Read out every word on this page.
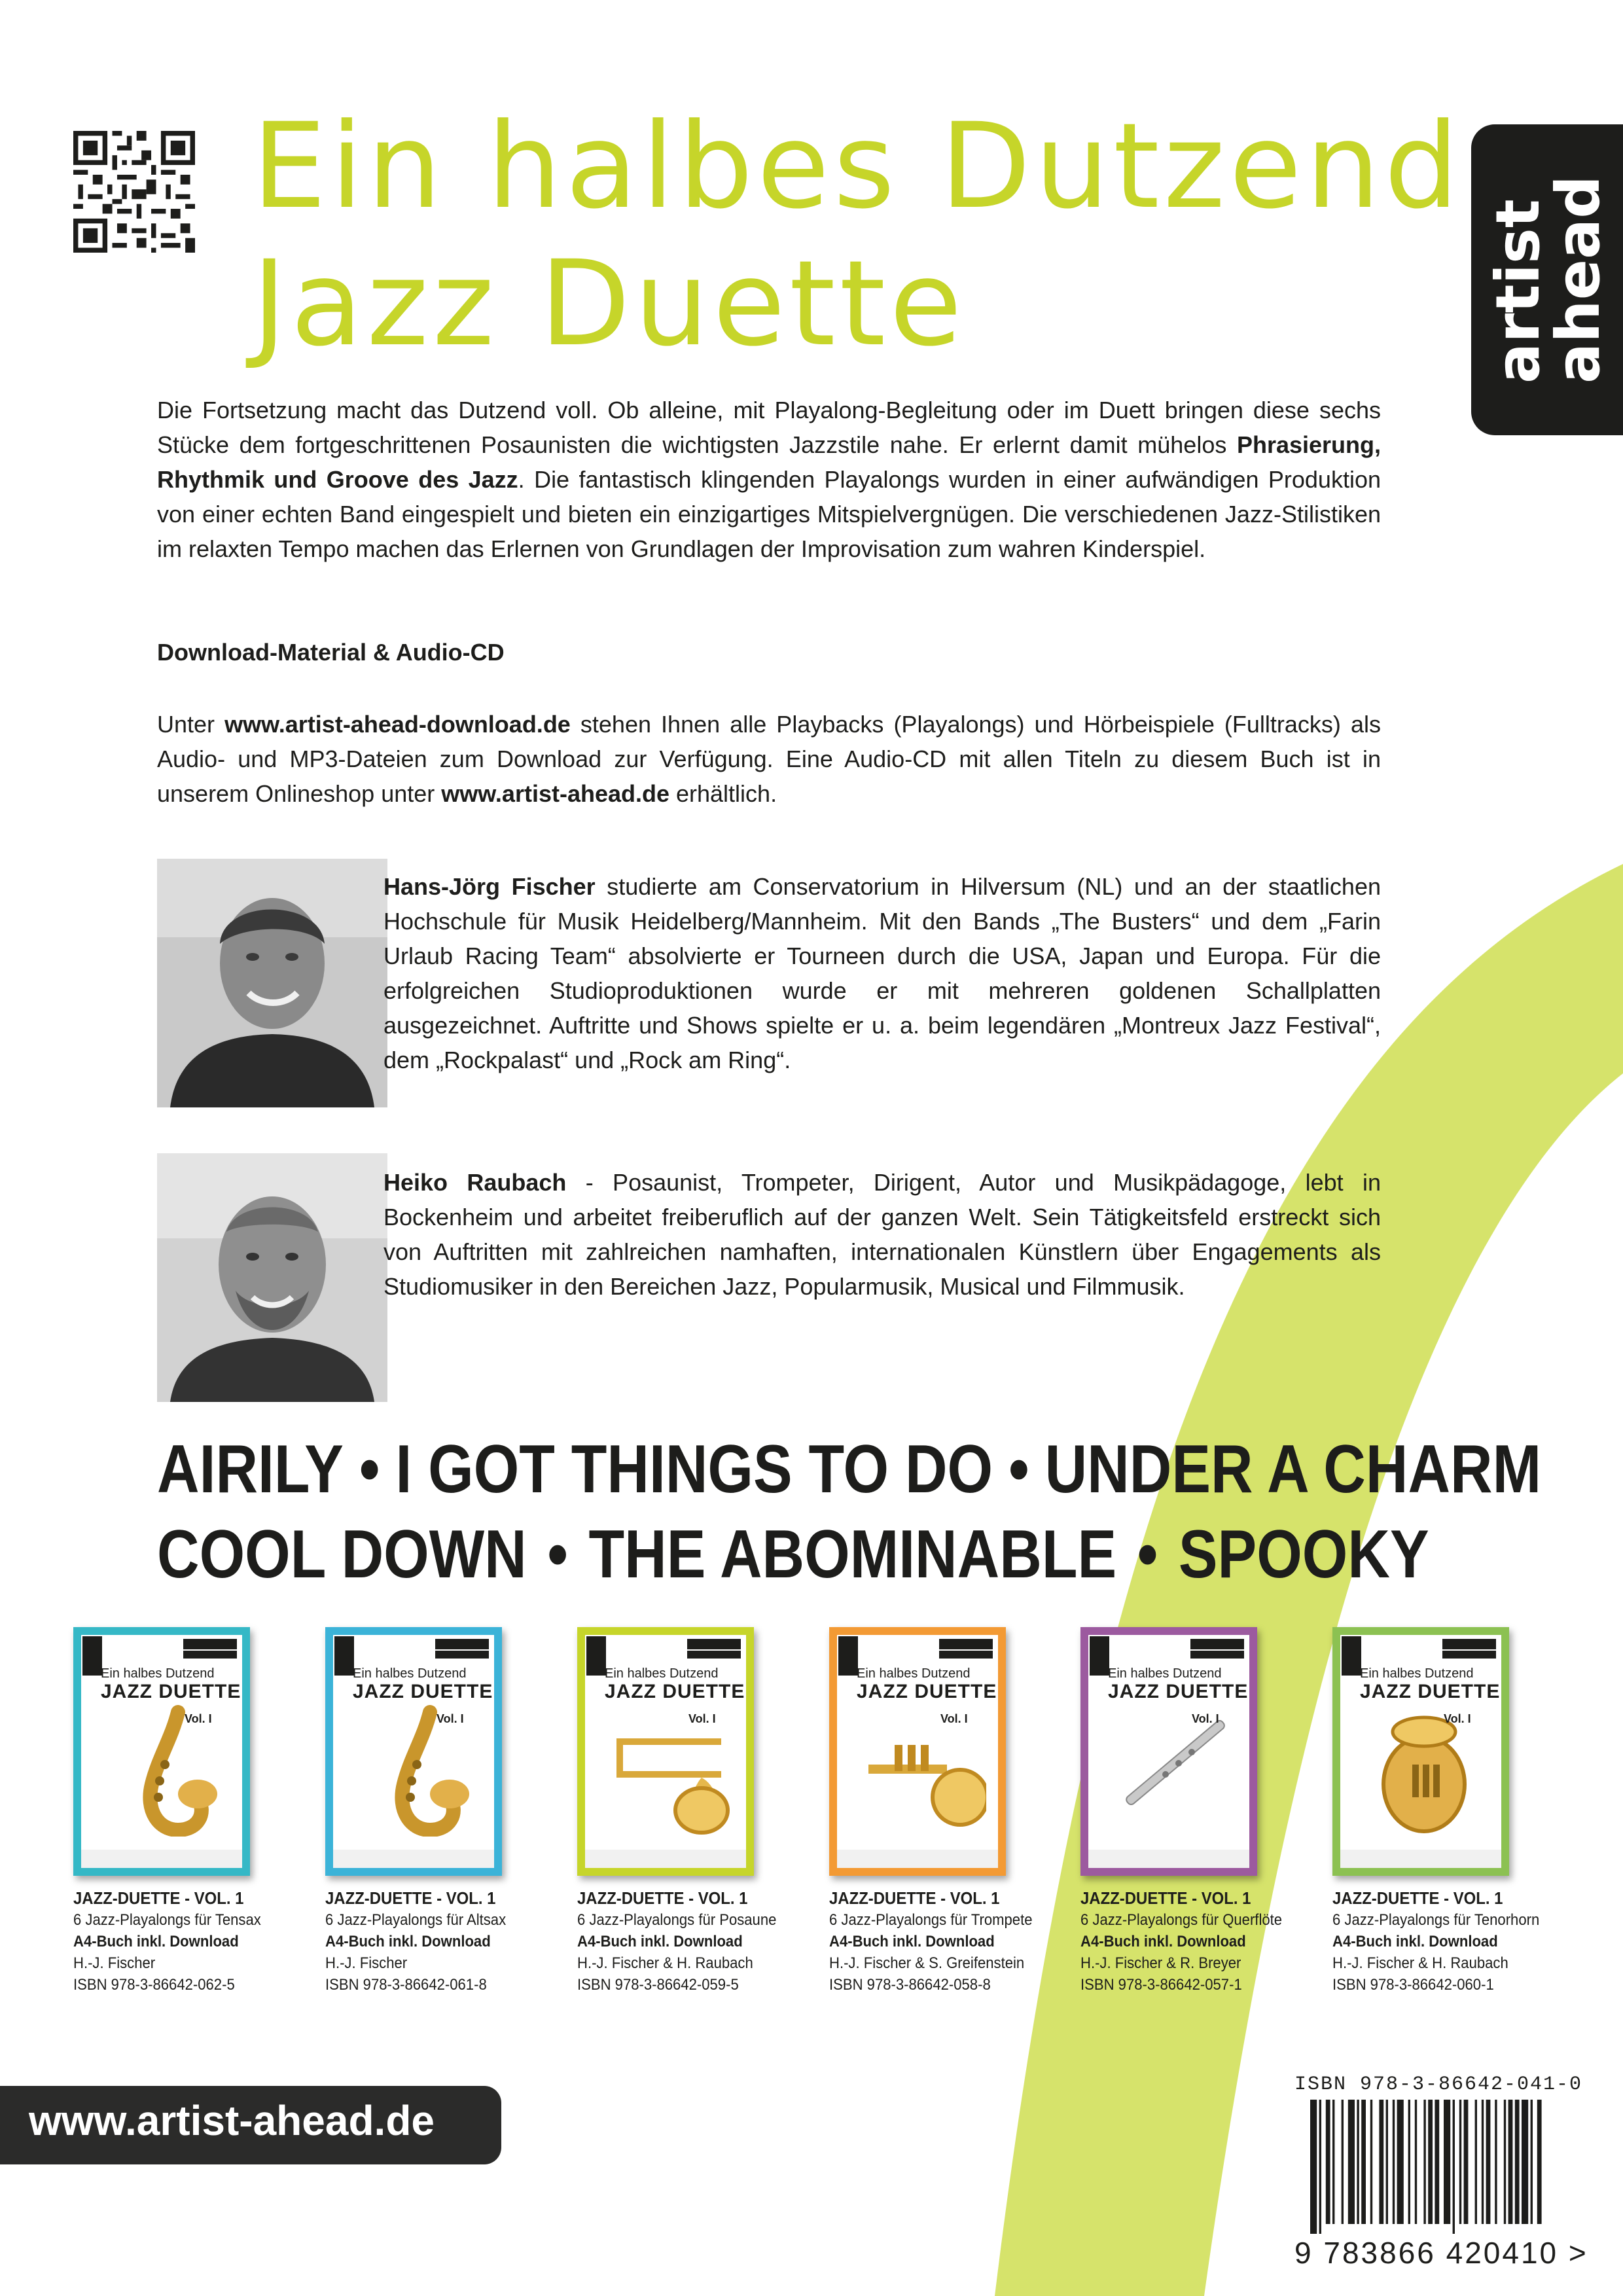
Ein halbes Dutzend
Jazz Duette	artist
ahead

Die Fortsetzung macht das Dutzend voll. Ob alleine, mit Playalong-Begleitung oder im Duett bringen diese sechs Stücke dem fortgeschrittenen Posaunisten die wichtigsten Jazzstile nahe. Er erlernt damit mühelos Phrasierung, Rhythmik und Groove des Jazz. Die fantastisch klingenden Playalongs wurden in einer aufwändigen Produktion von einer echten Band eingespielt und bieten ein einzigartiges Mitspielvergnügen. Die verschiedenen Jazz-Stilistiken im relaxten Tempo machen das Erlernen von Grundlagen der Improvisation zum wahren Kinderspiel.

Download-Material & Audio-CD

Unter www.artist-ahead-download.de stehen Ihnen alle Playbacks (Playalongs) und Hörbeispiele (Fulltracks) als Audio- und MP3-Dateien zum Download zur Verfügung. Eine Audio-CD mit allen Titeln zu diesem Buch ist in unserem Onlineshop unter www.artist-ahead.de erhältlich.

Hans-Jörg Fischer studierte am Conservatorium in Hilversum (NL) und an der staatlichen Hochschule für Musik Heidelberg/Mannheim. Mit den Bands „The Busters“ und dem „Farin Urlaub Racing Team“ absolvierte er Tourneen durch die USA, Japan und Europa. Für die erfolgreichen Studioproduktionen wurde er mit mehreren goldenen Schallplatten ausgezeichnet. Auftritte und Shows spielte er u. a. beim legendären „Montreux Jazz Festival“, dem „Rockpalast“ und „Rock am Ring“.

Heiko Raubach - Posaunist, Trompeter, Dirigent, Autor und Musikpädagoge, lebt in Bockenheim und arbeitet freiberuflich auf der ganzen Welt. Sein Tätigkeitsfeld erstreckt sich von Auftritten mit zahlreichen namhaften, internationalen Künstlern über Engagements als Studiomusiker in den Bereichen Jazz, Popularmusik, Musical und Filmmusik.

AIRILY • I GOT THINGS TO DO • UNDER A CHARM
COOL DOWN • THE ABOMINABLE • SPOOKY
Ein halbes Dutzend
JAZZ DUETTE
Vol. I
JAZZ-DUETTE - VOL. 1
6 Jazz-Playalongs für Tensax
A4-Buch inkl. Download
H.-J. Fischer
ISBN 978-3-86642-062-5
Ein halbes Dutzend
JAZZ DUETTE
Vol. I
JAZZ-DUETTE - VOL. 1
6 Jazz-Playalongs für Altsax
A4-Buch inkl. Download
H.-J. Fischer
ISBN 978-3-86642-061-8
Ein halbes Dutzend
JAZZ DUETTE
Vol. I
JAZZ-DUETTE - VOL. 1
6 Jazz-Playalongs für Posaune
A4-Buch inkl. Download
H.-J. Fischer & H. Raubach
ISBN 978-3-86642-059-5
Ein halbes Dutzend
JAZZ DUETTE
Vol. I
JAZZ-DUETTE - VOL. 1
6 Jazz-Playalongs für Trompete
A4-Buch inkl. Download
H.-J. Fischer & S. Greifenstein
ISBN 978-3-86642-058-8
Ein halbes Dutzend
JAZZ DUETTE
Vol. I
JAZZ-DUETTE - VOL. 1
6 Jazz-Playalongs für Querflöte
A4-Buch inkl. Download
H.-J. Fischer & R. Breyer
ISBN 978-3-86642-057-1
Ein halbes Dutzend
JAZZ DUETTE
Vol. I
JAZZ-DUETTE - VOL. 1
6 Jazz-Playalongs für Tenorhorn
A4-Buch inkl. Download
H.-J. Fischer & H. Raubach
ISBN 978-3-86642-060-1
www.artist-ahead.de
ISBN 978-3-86642-041-0
9 783866 420410 >
